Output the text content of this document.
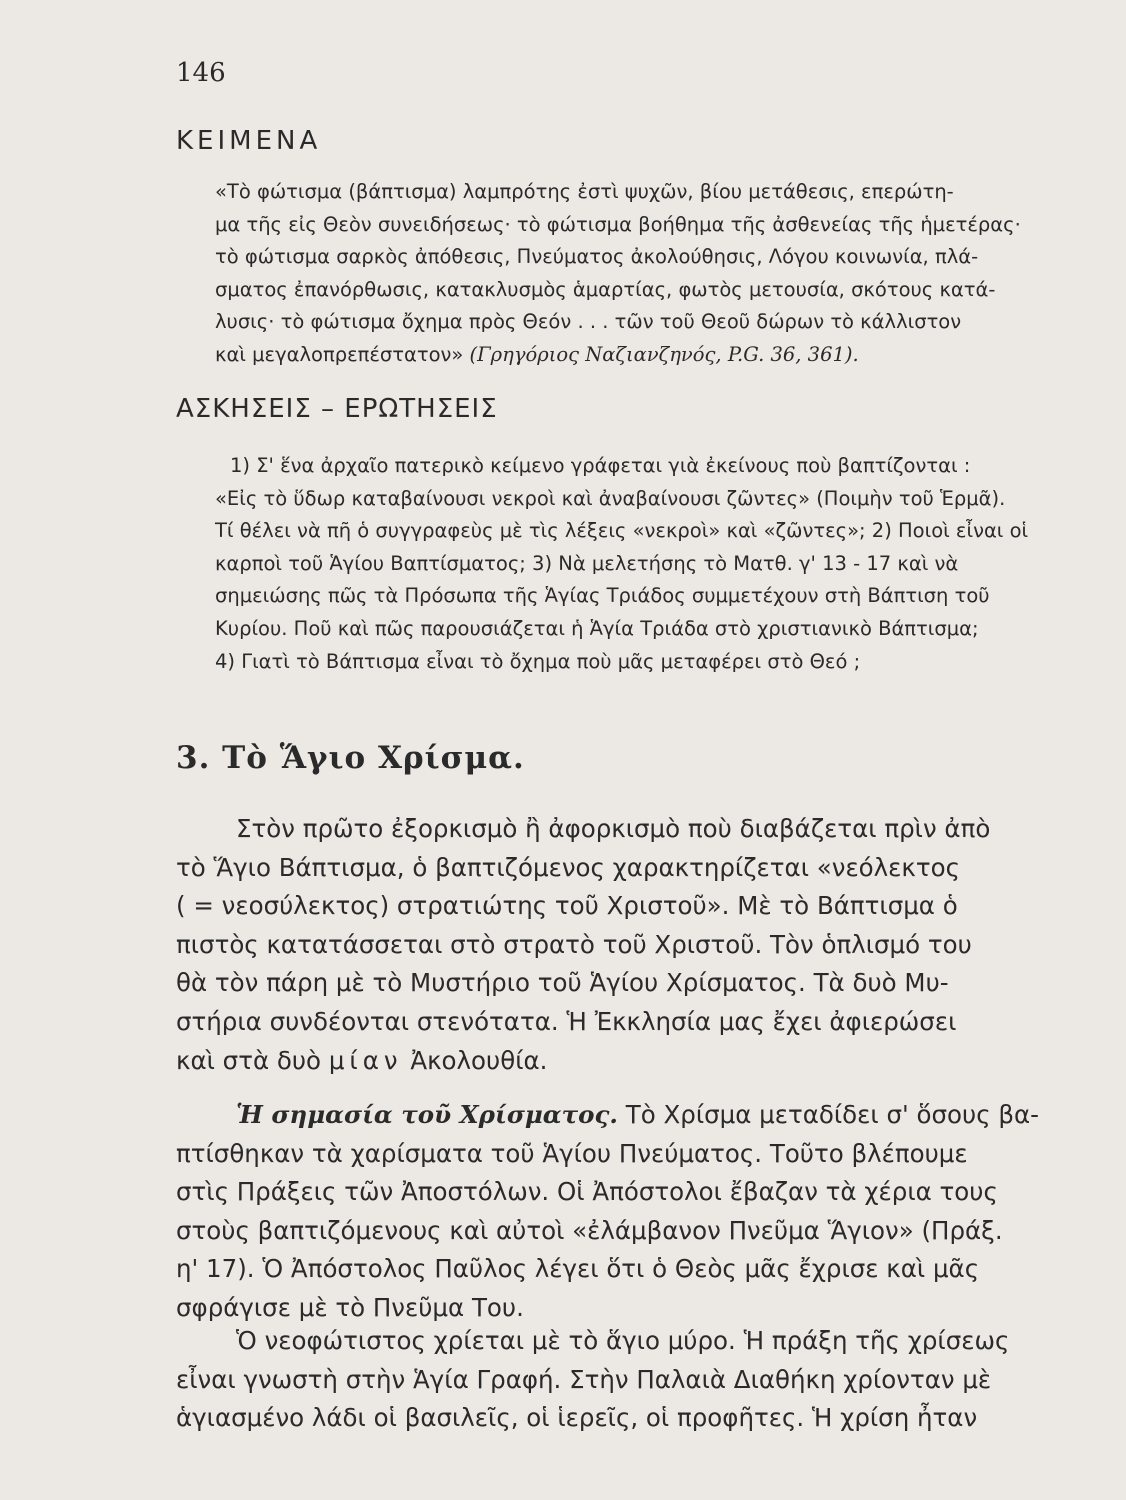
146
ΚΕΙΜΕΝΑ
«Τὸ φώτισμα (βάπτισμα) λαμπρότης ἐστὶ ψυχῶν, βίου μετάθεσις, επερώτη-
μα τῆς εἰς Θεὸν συνειδήσεως· τὸ φώτισμα βοήθημα τῆς ἀσθενείας τῆς ἡμετέρας·
τὸ φώτισμα σαρκὸς ἀπόθεσις, Πνεύματος ἀκολούθησις, Λόγου κοινωνία, πλά-
σματος ἐπανόρθωσις, κατακλυσμὸς ἁμαρτίας, φωτὸς μετουσία, σκότους κατά-
λυσις· τὸ φώτισμα ὄχημα πρὸς Θεόν . . . τῶν τοῦ Θεοῦ δώρων τὸ κάλλιστον
καὶ μεγαλοπρεπέστατον» (Γρηγόριος Ναζιανζηνός, P.G. 36, 361).
ΑΣΚΗΣΕΙΣ – ΕΡΩΤΗΣΕΙΣ
1) Σ' ἕνα ἀρχαῖο πατερικὸ κείμενο γράφεται γιὰ ἐκείνους ποὺ βαπτίζονται :
«Εἰς τὸ ὕδωρ καταβαίνουσι νεκροὶ καὶ ἀναβαίνουσι ζῶντες» (Ποιμὴν τοῦ Ἑρμᾶ).
Τί θέλει νὰ πῆ ὁ συγγραφεὺς μὲ τὶς λέξεις «νεκροὶ» καὶ «ζῶντες»; 2) Ποιοὶ εἶναι οἱ
καρποὶ τοῦ Ἁγίου Βαπτίσματος; 3) Νὰ μελετήσης τὸ Ματθ. γ' 13 - 17 καὶ νὰ
σημειώσης πῶς τὰ Πρόσωπα τῆς Ἁγίας Τριάδος συμμετέχουν στὴ Βάπτιση τοῦ
Κυρίου. Ποῦ καὶ πῶς παρουσιάζεται ἡ Ἁγία Τριάδα στὸ χριστιανικὸ Βάπτισμα;
4) Γιατὶ τὸ Βάπτισμα εἶναι τὸ ὄχημα ποὺ μᾶς μεταφέρει στὸ Θεό ;
3. Τὸ Ἅγιο Χρίσμα.
Στὸν πρῶτο ἐξορκισμὸ ἢ ἀφορκισμὸ ποὺ διαβάζεται πρὶν ἀπὸ
τὸ Ἅγιο Βάπτισμα, ὁ βαπτιζόμενος χαρακτηρίζεται «νεόλεκτος
( = νεοσύλεκτος) στρατιώτης τοῦ Χριστοῦ». Μὲ τὸ Βάπτισμα ὁ
πιστὸς κατατάσσεται στὸ στρατὸ τοῦ Χριστοῦ. Τὸν ὁπλισμό του
θὰ τὸν πάρη μὲ τὸ Μυστήριο τοῦ Ἁγίου Χρίσματος. Τὰ δυὸ Μυ-
στήρια συνδέονται στενότατα. Ἡ Ἐκκλησία μας ἔχει ἀφιερώσει
καὶ στὰ δυὸ μίαν Ἀκολουθία.
Ἡ σημασία τοῦ Χρίσματος. Τὸ Χρίσμα μεταδίδει σ' ὅσους βα-
πτίσθηκαν τὰ χαρίσματα τοῦ Ἁγίου Πνεύματος. Τοῦτο βλέπουμε
στὶς Πράξεις τῶν Ἀποστόλων. Οἱ Ἀπόστολοι ἔβαζαν τὰ χέρια τους
στοὺς βαπτιζόμενους καὶ αὐτοὶ «ἐλάμβανον Πνεῦμα Ἅγιον» (Πράξ.
η' 17). Ὁ Ἀπόστολος Παῦλος λέγει ὅτι ὁ Θεὸς μᾶς ἔχρισε καὶ μᾶς
σφράγισε μὲ τὸ Πνεῦμα Του.
Ὁ νεοφώτιστος χρίεται μὲ τὸ ἅγιο μύρο. Ἡ πράξη τῆς χρίσεως
εἶναι γνωστὴ στὴν Ἁγία Γραφή. Στὴν Παλαιὰ Διαθήκη χρίονταν μὲ
ἁγιασμένο λάδι οἱ βασιλεῖς, οἱ ἱερεῖς, οἱ προφῆτες. Ἡ χρίση ἦταν
